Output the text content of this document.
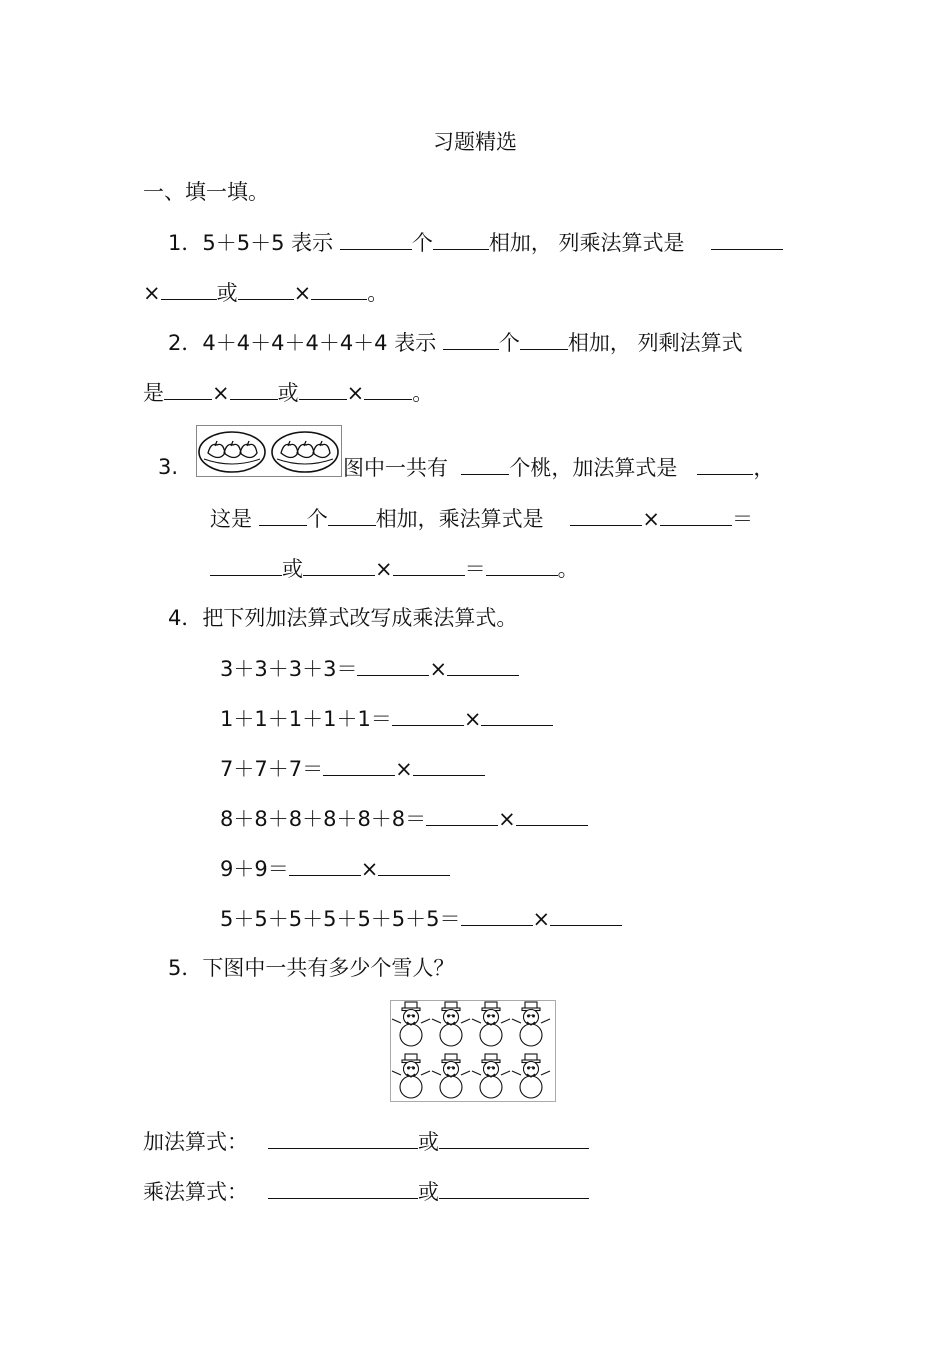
习题精选
一、填一填。
1．5＋5＋5 表示	个	相加， 列乘法算式是
×	或	×	。
2．4＋4＋4＋4＋4＋4 表示	个 相加， 列剩法算式
是 × 或 × 。
3.	图中一共有	个桃，加法算式是	，
这是	个 相加，乘法算式是	×	＝
或	×	＝	。
4．把下列加法算式改写成乘法算式。
3＋3＋3＋3＝	×
1＋1＋1＋1＋1＝	×
7＋7＋7＝	×
8＋8＋8＋8＋8＋8＝	×
9＋9＝	×
5＋5＋5＋5＋5＋5＋5＝	×
5．下图中一共有多少个雪人？
加法算式：	或
乘法算式：	或
